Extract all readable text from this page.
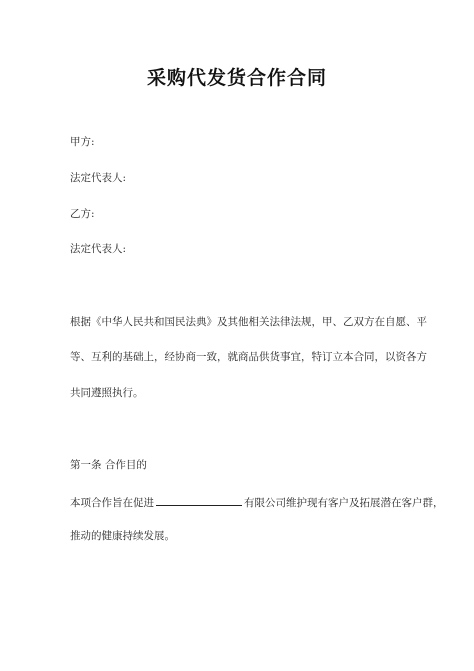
采购代发货合作合同
甲方:
法定代表人:
乙方:
法定代表人:
根据《中华人民共和国民法典》及其他相关法律法规，甲、乙双方在自愿、平
等、互利的基础上，经协商一致，就商品供货事宜，特订立本合同，以资各方
共同遵照执行。
第一条 合作目的
本项合作旨在促进	有限公司维护现有客户及拓展潜在客户群，
推动的健康持续发展。
